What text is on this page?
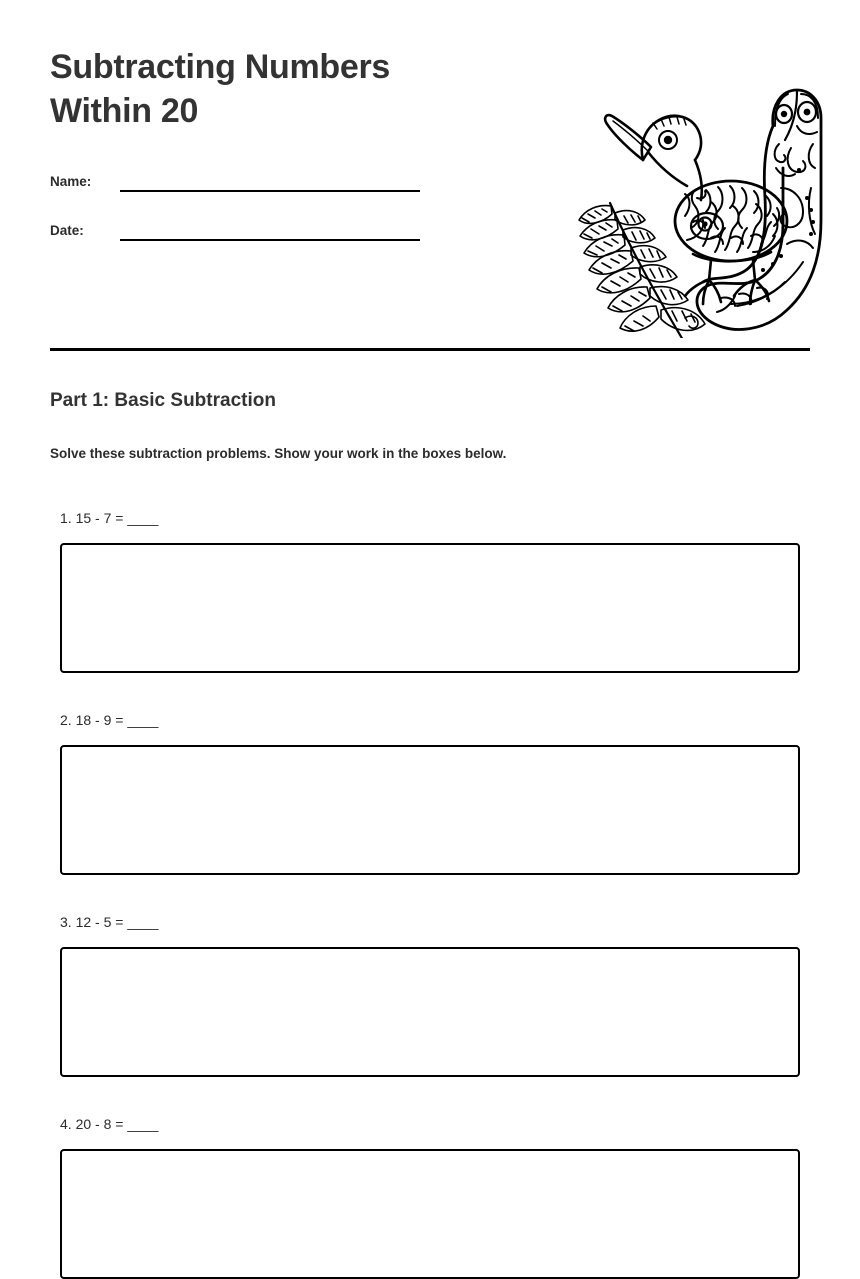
Subtracting Numbers
Within 20
Name:
Date:
Part 1: Basic Subtraction

Solve these subtraction problems. Show your work in the boxes below.

1. 15 - 7 = ____

2. 18 - 9 = ____

3. 12 - 5 = ____

4. 20 - 8 = ____
